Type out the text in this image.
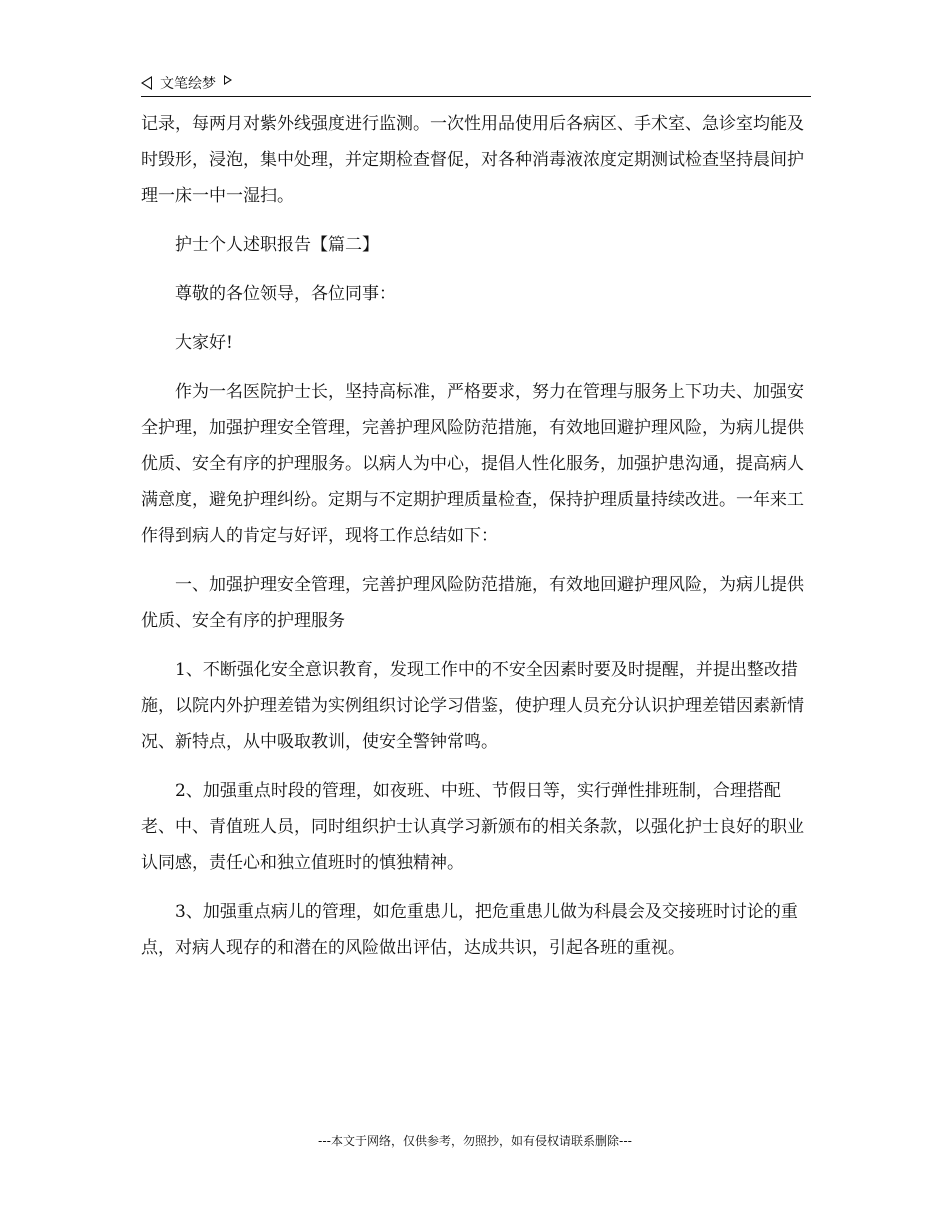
文笔绘梦

记录，每两月对紫外线强度进行监测。一次性用品使用后各病区、手术室、急诊室均能及时毁形，浸泡，集中处理，并定期检查督促，对各种消毒液浓度定期测试检查坚持晨间护理一床一中一湿扫。

护士个人述职报告【篇二】

尊敬的各位领导，各位同事：

大家好!

作为一名医院护士长，坚持高标准，严格要求，努力在管理与服务上下功夫、加强安全护理，加强护理安全管理，完善护理风险防范措施，有效地回避护理风险，为病儿提供优质、安全有序的护理服务。以病人为中心，提倡人性化服务，加强护患沟通，提高病人满意度，避免护理纠纷。定期与不定期护理质量检查，保持护理质量持续改进。一年来工作得到病人的肯定与好评，现将工作总结如下：

一、加强护理安全管理，完善护理风险防范措施，有效地回避护理风险，为病儿提供优质、安全有序的护理服务

1、不断强化安全意识教育，发现工作中的不安全因素时要及时提醒，并提出整改措施，以院内外护理差错为实例组织讨论学习借鉴，使护理人员充分认识护理差错因素新情况、新特点，从中吸取教训，使安全警钟常鸣。

2、加强重点时段的管理，如夜班、中班、节假日等，实行弹性排班制，合理搭配老、中、青值班人员，同时组织护士认真学习新颁布的相关条款，以强化护士良好的职业认同感，责任心和独立值班时的慎独精神。

3、加强重点病儿的管理，如危重患儿，把危重患儿做为科晨会及交接班时讨论的重点，对病人现存的和潜在的风险做出评估，达成共识，引起各班的重视。

---本文于网络，仅供参考，勿照抄，如有侵权请联系删除---
